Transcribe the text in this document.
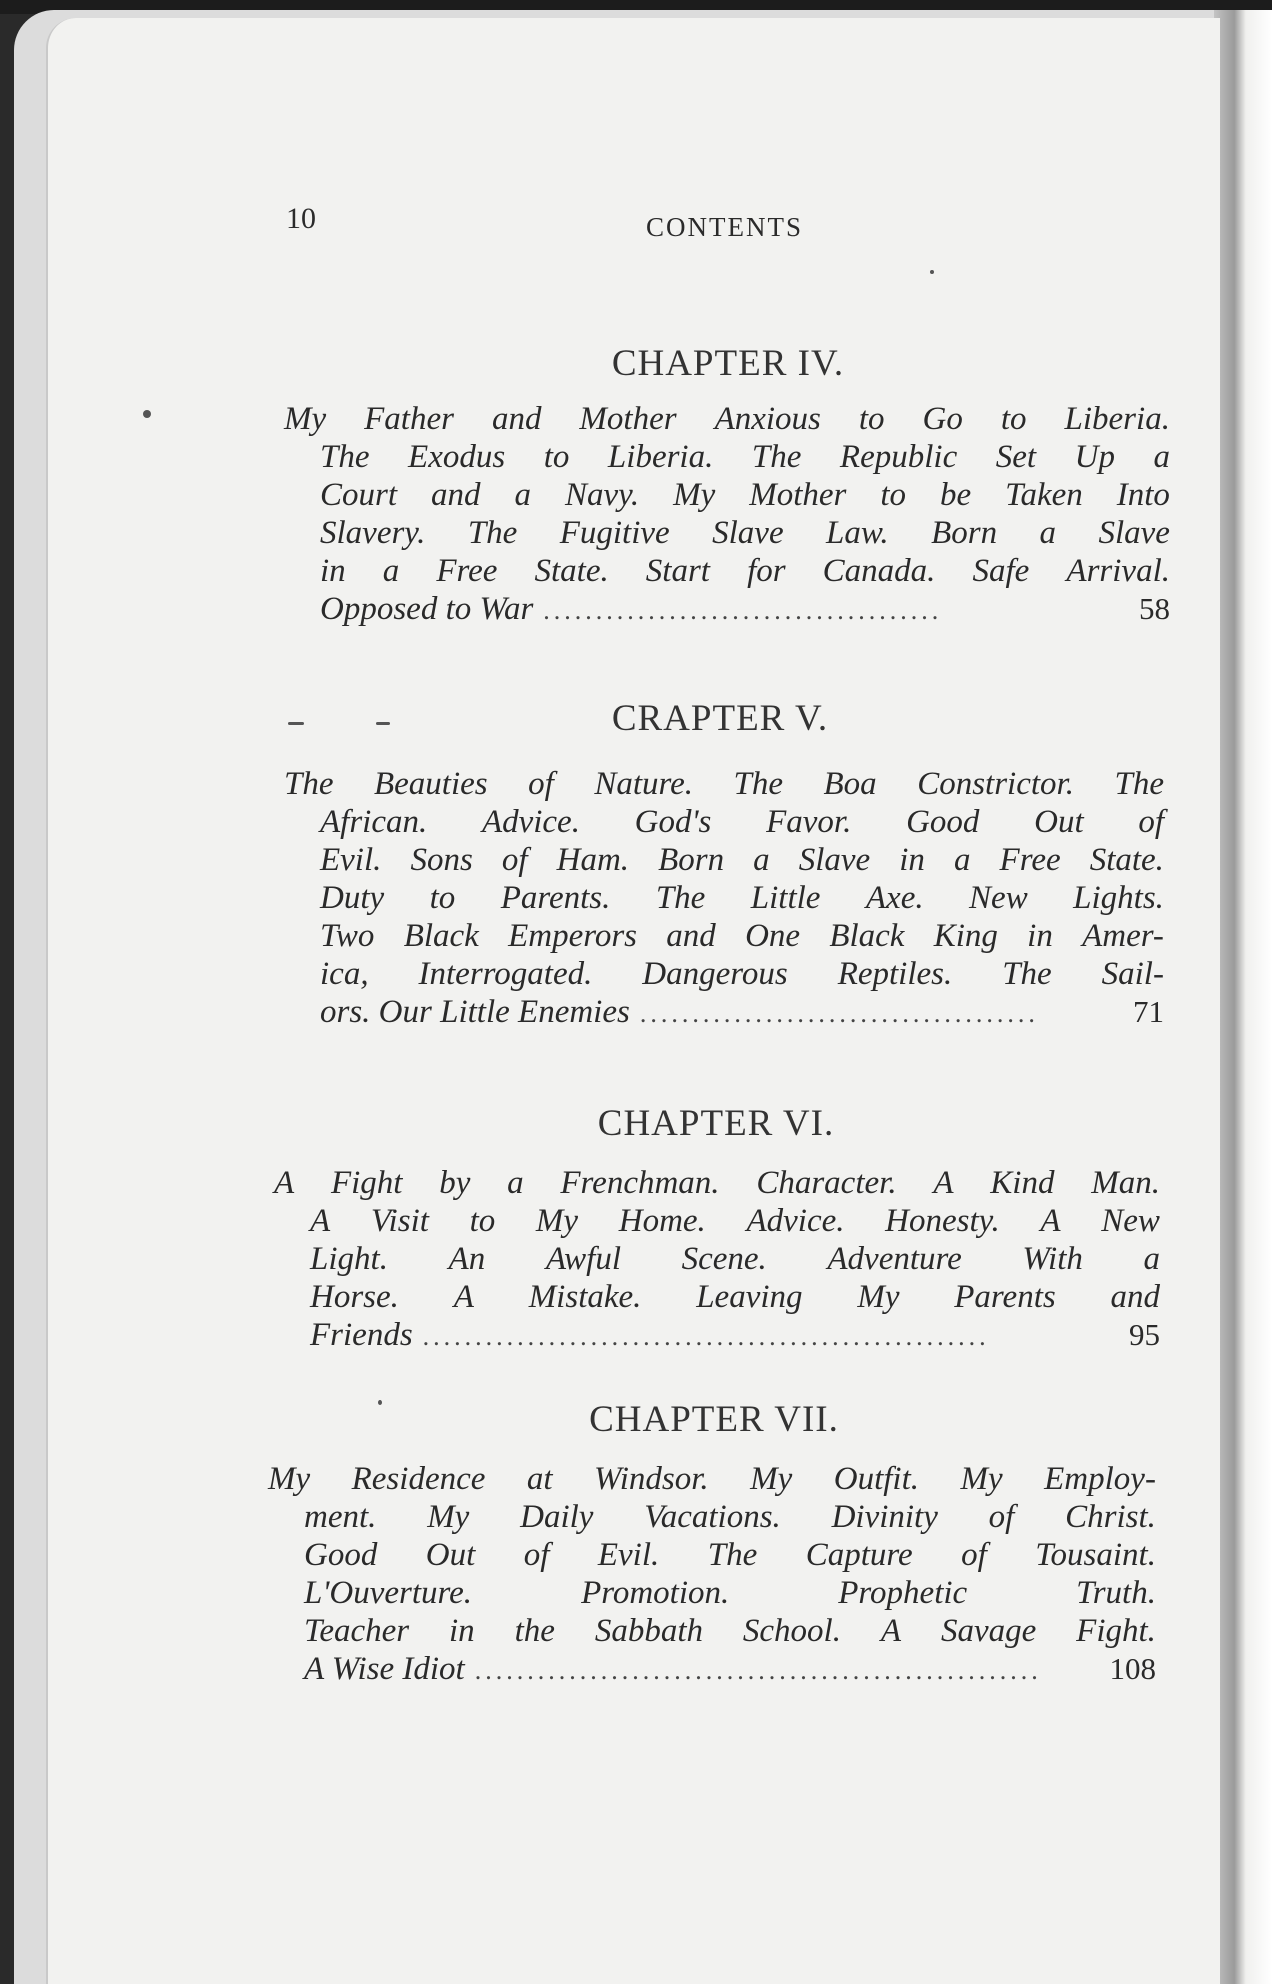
10	CONTENTS
CHAPTER IV.
My Father and Mother Anxious to Go to Liberia.
The Exodus to Liberia. The Republic Set Up a
Court and a Navy. My Mother to be Taken Into
Slavery. The Fugitive Slave Law. Born a Slave
in a Free State. Start for Canada. Safe Arrival.
Opposed to War ......................................	58
CRAPTER V.
The Beauties of Nature. The Boa Constrictor. The
African. Advice. God's Favor. Good Out of
Evil. Sons of Ham. Born a Slave in a Free State.
Duty to Parents. The Little Axe. New Lights.
Two Black Emperors and One Black King in Amer-
ica, Interrogated. Dangerous Reptiles. The Sail-
ors. Our Little Enemies ......................................	71
CHAPTER VI.
A Fight by a Frenchman. Character. A Kind Man.
A Visit to My Home. Advice. Honesty. A New
Light. An Awful Scene. Adventure With a
Horse. A Mistake. Leaving My Parents and
Friends ......................................................	95
CHAPTER VII.
My Residence at Windsor. My Outfit. My Employ-
ment. My Daily Vacations. Divinity of Christ.
Good Out of Evil. The Capture of Tousaint.
L'Ouverture.	Promotion.	Prophetic	Truth.
Teacher in the Sabbath School. A Savage Fight.
A Wise Idiot ......................................................	108
